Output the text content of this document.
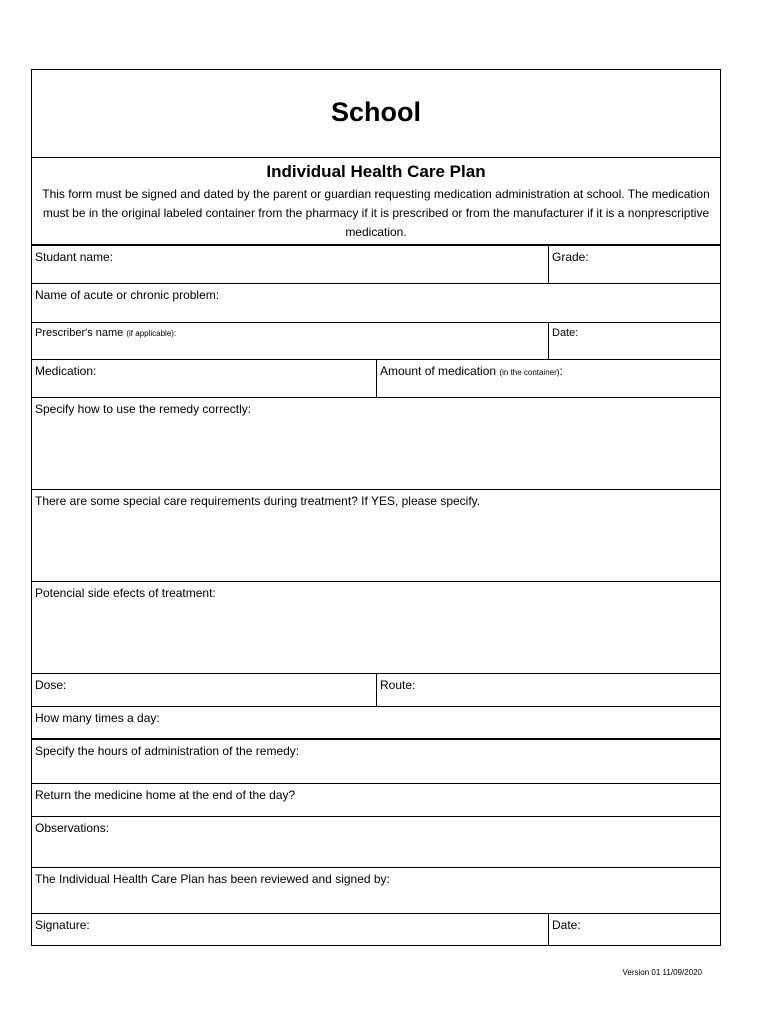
School
Individual Health Care Plan
This form must be signed and dated by the parent or guardian requesting medication administration at school. The medication must be in the original labeled container from the pharmacy if it is prescribed or from the manufacturer if it is a nonprescriptive medication.
Studant name:	Grade:
Name of acute or chronic problem:
Prescriber's name (if applicable):	Date:
Medication:	Amount of medication (in the container):
Specify how to use the remedy correctly:
There are some special care requirements during treatment? If YES, please specify.
Potencial side efects of treatment:
Dose:	Route:
How many times a day:
Specify the hours of administration of the remedy:
Return the medicine home at the end of the day?
Observations:
The Individual Health Care Plan has been reviewed and signed by:
Signature:	Date:
Version 01 11/09/2020
